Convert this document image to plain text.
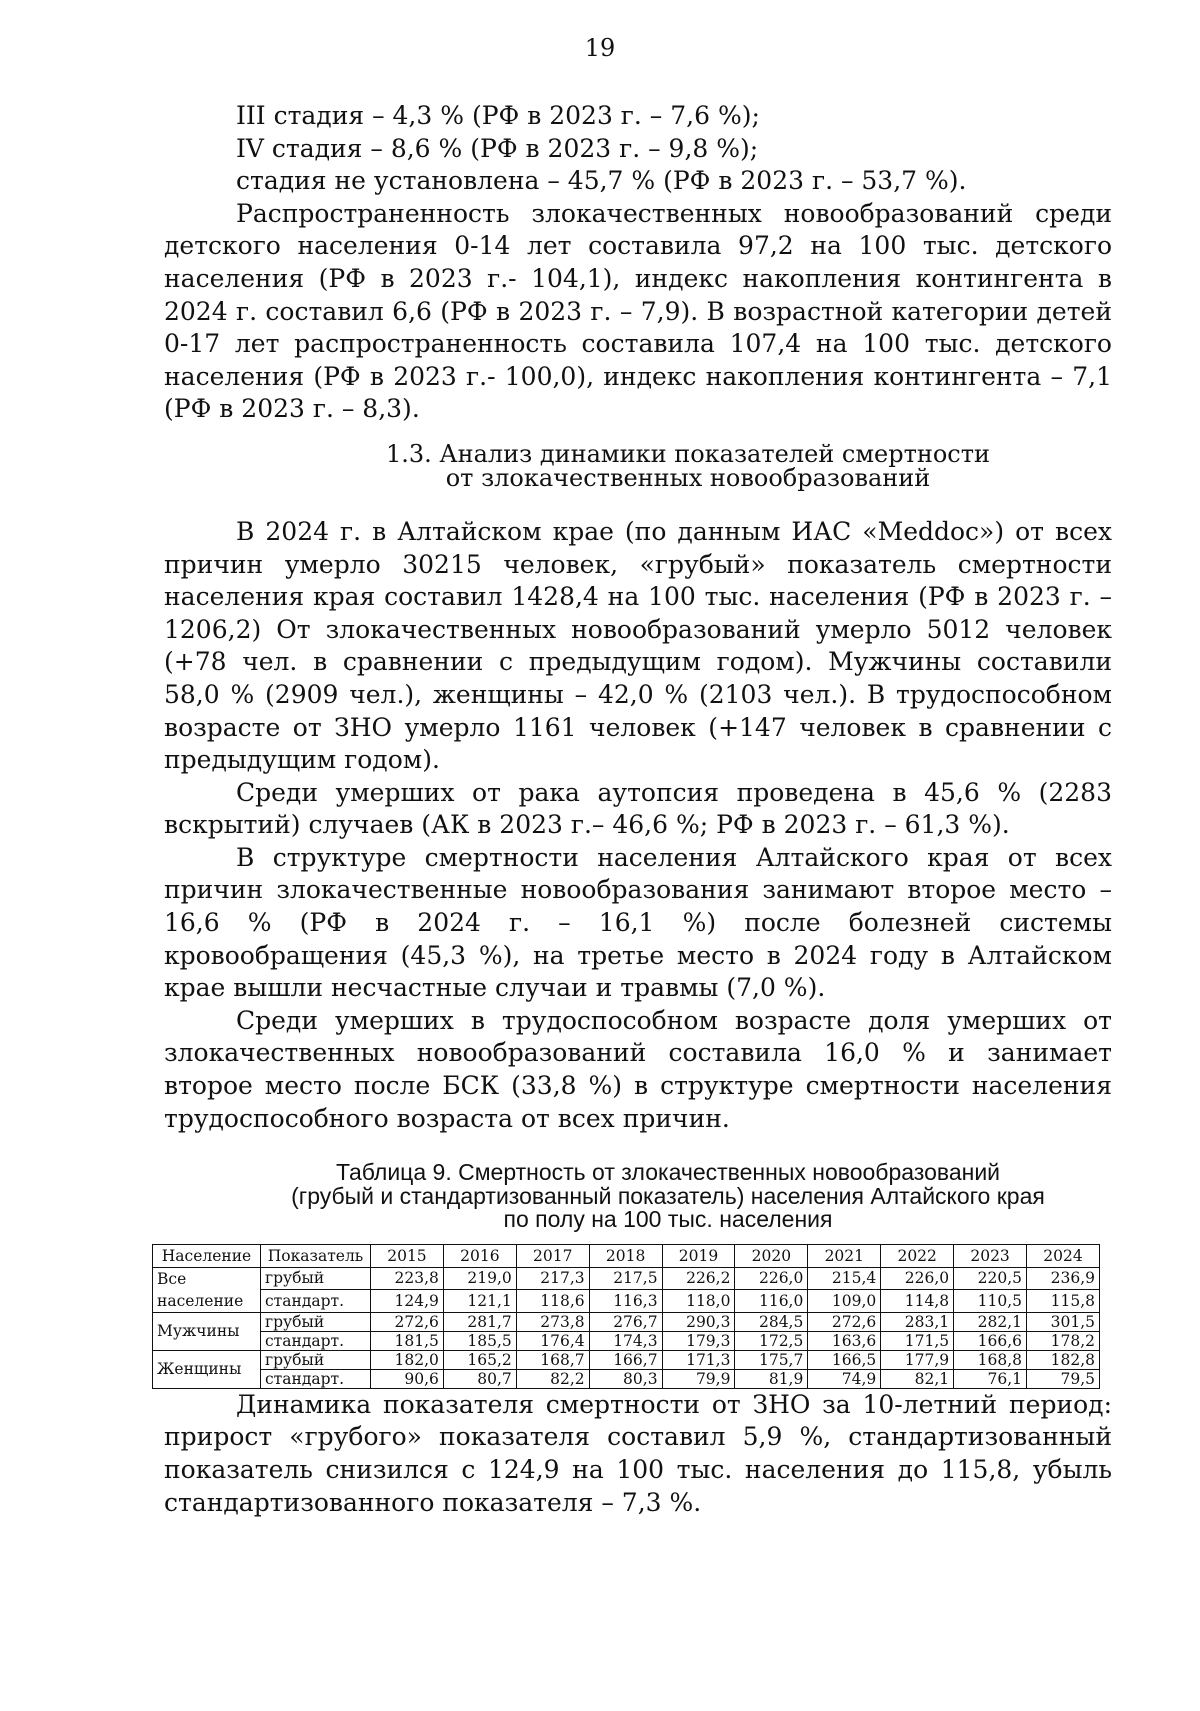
19

III стадия – 4,3 % (РФ в 2023 г. – 7,6 %);

IV стадия – 8,6 % (РФ в 2023 г. – 9,8 %);

стадия не установлена – 45,7 % (РФ в 2023 г. – 53,7 %).

Распространенность злокачественных новообразований среди детского населения 0-14 лет составила 97,2 на 100 тыс. детского населения (РФ в 2023 г.- 104,1), индекс накопления контингента в 2024 г. составил 6,6 (РФ в 2023 г. – 7,9). В возрастной категории детей 0-17 лет распространенность составила 107,4 на 100 тыс. детского населения (РФ в 2023 г.- 100,0), индекс накопления контингента – 7,1 (РФ в 2023 г. – 8,3).

1.3. Анализ динамики показателей смертности
от злокачественных новообразований

В 2024 г. в Алтайском крае (по данным ИАС «Meddoc») от всех причин умерло 30215 человек, «грубый» показатель смертности населения края составил 1428,4 на 100 тыс. населения (РФ в 2023 г. – 1206,2) От злокачественных новообразований умерло 5012 человек (+78 чел. в сравнении с предыдущим годом). Мужчины составили 58,0 % (2909 чел.), женщины – 42,0 % (2103 чел.). В трудоспособном возрасте от ЗНО умерло 1161 человек (+147 человек в сравнении с предыдущим годом).

Среди умерших от рака аутопсия проведена в 45,6 % (2283 вскрытий) случаев (АК в 2023 г.– 46,6 %; РФ в 2023 г. – 61,3 %).

В структуре смертности населения Алтайского края от всех причин злокачественные новообразования занимают второе место – 16,6 % (РФ в 2024 г. – 16,1 %) после болезней системы кровообращения (45,3 %), на третье место в 2024 году в Алтайском крае вышли несчастные случаи и травмы (7,0 %).

Среди умерших в трудоспособном возрасте доля умерших от злокачественных новообразований составила 16,0 % и занимает второе место после БСК (33,8 %) в структуре смертности населения трудоспособного возраста от всех причин.

Таблица 9. Смертность от злокачественных новообразований
(грубый и стандартизованный показатель) населения Алтайского края
по полу на 100 тыс. населения
Население	Показатель	2015	2016	2017	2018	2019	2020	2021	2022	2023	2024
Все население	грубый	223,8	219,0	217,3	217,5	226,2	226,0	215,4	226,0	220,5	236,9
	стандарт.	124,9	121,1	118,6	116,3	118,0	116,0	109,0	114,8	110,5	115,8
Мужчины	грубый	272,6	281,7	273,8	276,7	290,3	284,5	272,6	283,1	282,1	301,5
	стандарт.	181,5	185,5	176,4	174,3	179,3	172,5	163,6	171,5	166,6	178,2
Женщины	грубый	182,0	165,2	168,7	166,7	171,3	175,7	166,5	177,9	168,8	182,8
	стандарт.	90,6	80,7	82,2	80,3	79,9	81,9	74,9	82,1	76,1	79,5

Динамика показателя смертности от ЗНО за 10-летний период: прирост «грубого» показателя составил 5,9 %, стандартизованный показатель снизился с 124,9 на 100 тыс. населения до 115,8, убыль стандартизованного показателя – 7,3 %.
